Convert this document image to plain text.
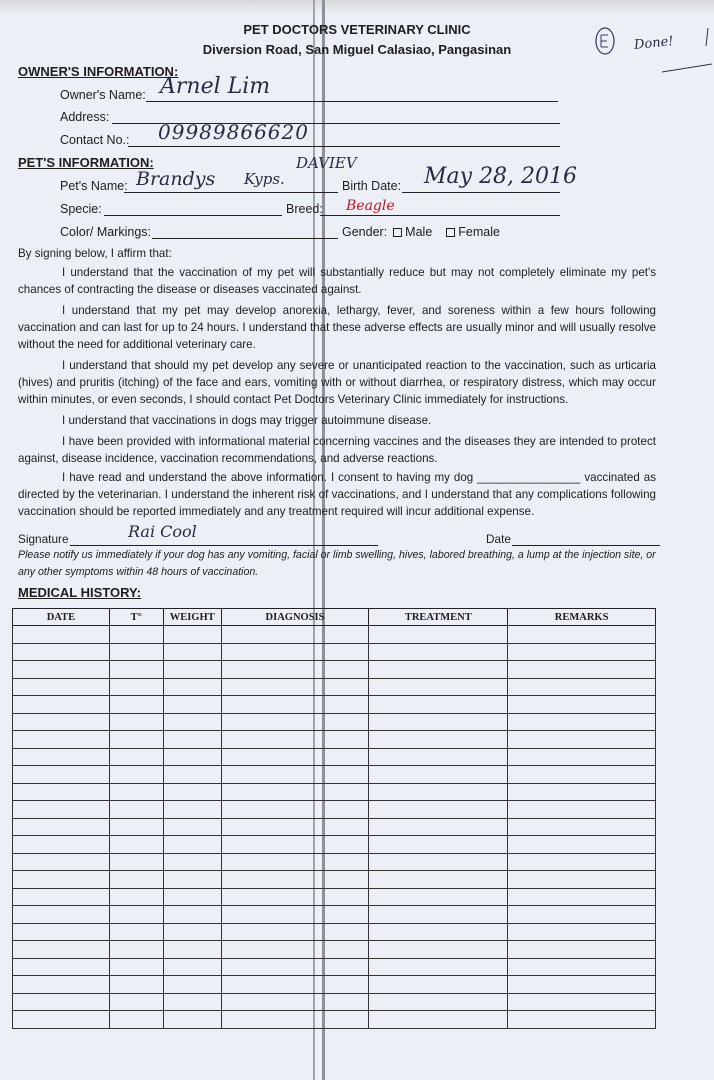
PET DOCTORS VETERINARY CLINIC
Diversion Road, San Miguel Calasiao, Pangasinan	Done!
OWNER'S INFORMATION:
Owner's Name: Arnel Lim
Address:
Contact No.: 09989866620
PET'S INFORMATION:
Pet's Name: Brandys Kyps.
DAVIEV
Birth Date: May 28, 2016
Specie:	Breed: Beagle
Color/ Markings:	Gender: Male Female
By signing below, I affirm that:

I understand that the vaccination of my pet will substantially reduce but may not completely eliminate my pet's chances of contracting the disease or diseases vaccinated against.

I understand that my pet may develop anorexia, lethargy, fever, and soreness within a few hours following vaccination and can last for up to 24 hours. I understand that these adverse effects are usually minor and will usually resolve without the need for additional veterinary care.

I understand that should my pet develop any severe or unanticipated reaction to the vaccination, such as urticaria (hives) and pruritis (itching) of the face and ears, vomiting with or without diarrhea, or respiratory distress, which may occur within minutes, or even seconds, I should contact Pet Doctors Veterinary Clinic immediately for instructions.

I understand that vaccinations in dogs may trigger autoimmune disease.

I have been provided with informational material concerning vaccines and the diseases they are intended to protect against, disease incidence, vaccination recommendations, and adverse reactions.

I have read and understand the above information. I consent to having my dog ________________ vaccinated as directed by the veterinarian. I understand the inherent risk of vaccinations, and I understand that any complications following vaccination should be reported immediately and any treatment required will incur additional expense.

Signature	Rai Cool	Date
Please notify us immediately if your dog has any vomiting, facial or limb swelling, hives, labored breathing, a lump at the injection site, or any other symptoms within 48 hours of vaccination.
MEDICAL HISTORY:
DATE	T°	WEIGHT	DIAGNOSIS	TREATMENT	REMARKS
